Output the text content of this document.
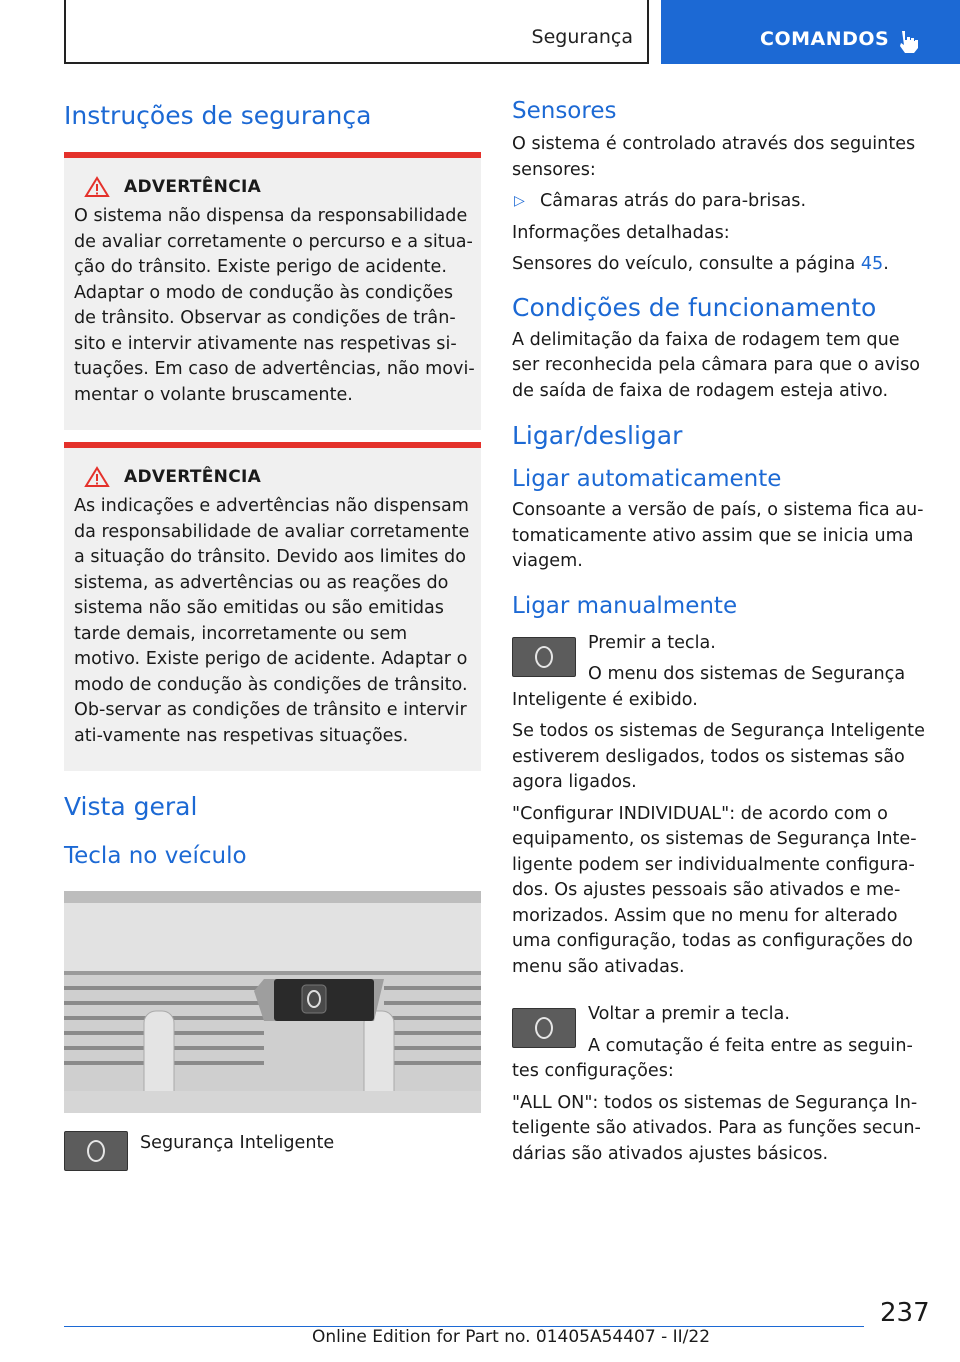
Segurança	COMANDOS
Instruções de segurança
ADVERTÊNCIA

O sistema não dispensa da responsabilidade de avaliar corretamente o percurso e a situa-ção do trânsito. Existe perigo de acidente. Adaptar o modo de condução às condições de trânsito. Observar as condições de trân-sito e intervir ativamente nas respetivas si-tuações. Em caso de advertências, não movi-mentar o volante bruscamente.

ADVERTÊNCIA

As indicações e advertências não dispensam da responsabilidade de avaliar corretamente a situação do trânsito. Devido aos limites do sistema, as advertências ou as reações do sistema não são emitidas ou são emitidas tarde demais, incorretamente ou sem motivo. Existe perigo de acidente. Adaptar o modo de condução às condições de trânsito. Ob-servar as condições de trânsito e intervir ati-vamente nas respetivas situações.

Vista geral
Tecla no veículo

Segurança Inteligente

Sensores

O sistema é controlado através dos seguintes sensores:

▷ Câmaras atrás do para-brisas.

Informações detalhadas:

Sensores do veículo, consulte a página 45.

Condições de funcionamento

A delimitação da faixa de rodagem tem que ser reconhecida pela câmara para que o aviso de saída de faixa de rodagem esteja ativo.

Ligar/desligar
Ligar automaticamente

Consoante a versão de país, o sistema fica au-tomaticamente ativo assim que se inicia uma viagem.

Ligar manualmente

Premir a tecla.

O menu dos sistemas de Segurança Inteligente é exibido.

Se todos os sistemas de Segurança Inteligente estiverem desligados, todos os sistemas são agora ligados.

"Configurar INDIVIDUAL": de acordo com o equipamento, os sistemas de Segurança Inte-ligente podem ser individualmente configura-dos. Os ajustes pessoais são ativados e me-morizados. Assim que no menu for alterado uma configuração, todas as configurações do menu são ativadas.

Voltar a premir a tecla.

A comutação é feita entre as seguin-tes configurações:

"ALL ON": todos os sistemas de Segurança In-teligente são ativados. Para as funções secun-dárias são ativados ajustes básicos.

237
Online Edition for Part no. 01405A54407 - II/22
